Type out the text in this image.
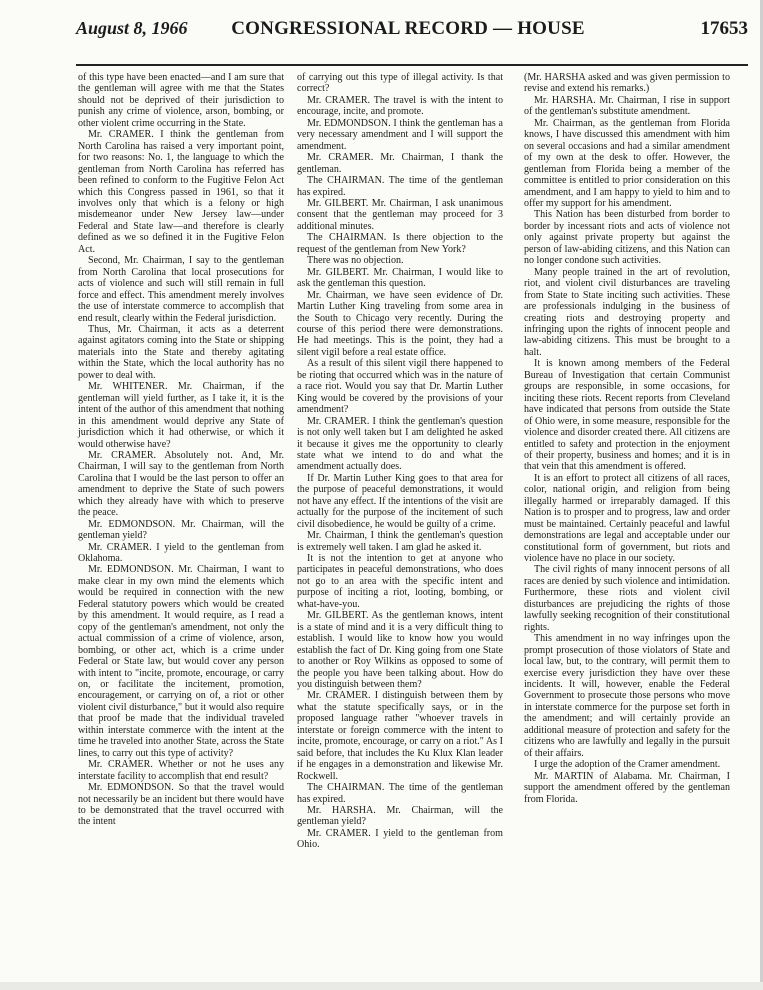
August 8, 1966	CONGRESSIONAL RECORD — HOUSE	17653

of this type have been enacted—and I am sure that the gentleman will agree with me that the States should not be deprived of their jurisdiction to punish any crime of violence, arson, bombing, or other violent crime occurring in the State.

Mr. CRAMER. I think the gentleman from North Carolina has raised a very important point, for two reasons: No. 1, the language to which the gentleman from North Carolina has referred has been refined to conform to the Fugitive Felon Act which this Congress passed in 1961, so that it involves only that which is a felony or high misdemeanor under New Jersey law—under Federal and State law—and therefore is clearly defined as we so defined it in the Fugitive Felon Act.

Second, Mr. Chairman, I say to the gentleman from North Carolina that local prosecutions for acts of violence and such will still remain in full force and effect. This amendment merely involves the use of interstate commerce to accomplish that end result, clearly within the Federal jurisdiction.

Thus, Mr. Chairman, it acts as a deterrent against agitators coming into the State or shipping materials into the State and thereby agitating within the State, which the local authority has no power to deal with.

Mr. WHITENER. Mr. Chairman, if the gentleman will yield further, as I take it, it is the intent of the author of this amendment that nothing in this amendment would deprive any State of jurisdiction which it had otherwise, or which it would otherwise have?

Mr. CRAMER. Absolutely not. And, Mr. Chairman, I will say to the gentleman from North Carolina that I would be the last person to offer an amendment to deprive the State of such powers which they already have with which to preserve the peace.

Mr. EDMONDSON. Mr. Chairman, will the gentleman yield?

Mr. CRAMER. I yield to the gentleman from Oklahoma.

Mr. EDMONDSON. Mr. Chairman, I want to make clear in my own mind the elements which would be required in connection with the new Federal statutory powers which would be created by this amendment. It would require, as I read a copy of the gentleman's amendment, not only the actual commission of a crime of violence, arson, bombing, or other act, which is a crime under Federal or State law, but would cover any person with intent to "incite, promote, encourage, or carry on, or facilitate the incitement, promotion, encouragement, or carrying on of, a riot or other violent civil disturbance," but it would also require that proof be made that the individual traveled within interstate commerce with the intent at the time he traveled into another State, across the State lines, to carry out this type of activity?

Mr. CRAMER. Whether or not he uses any interstate facility to accomplish that end result?

Mr. EDMONDSON. So that the travel would not necessarily be an incident but there would have to be demonstrated that the travel occurred with the intent

of carrying out this type of illegal activity. Is that correct?

Mr. CRAMER. The travel is with the intent to encourage, incite, and promote.

Mr. EDMONDSON. I think the gentleman has a very necessary amendment and I will support the amendment.

Mr. CRAMER. Mr. Chairman, I thank the gentleman.

The CHAIRMAN. The time of the gentleman has expired.

Mr. GILBERT. Mr. Chairman, I ask unanimous consent that the gentleman may proceed for 3 additional minutes.

The CHAIRMAN. Is there objection to the request of the gentleman from New York?

There was no objection.

Mr. GILBERT. Mr. Chairman, I would like to ask the gentleman this question.

Mr. Chairman, we have seen evidence of Dr. Martin Luther King traveling from some area in the South to Chicago very recently. During the course of this period there were demonstrations. He had meetings. This is the point, they had a silent vigil before a real estate office.

As a result of this silent vigil there happened to be rioting that occurred which was in the nature of a race riot. Would you say that Dr. Martin Luther King would be covered by the provisions of your amendment?

Mr. CRAMER. I think the gentleman's question is not only well taken but I am delighted he asked it because it gives me the opportunity to clearly state what we intend to do and what the amendment actually does.

If Dr. Martin Luther King goes to that area for the purpose of peaceful demonstrations, it would not have any effect. If the intentions of the visit are actually for the purpose of the incitement of such civil disobedience, he would be guilty of a crime.

Mr. Chairman, I think the gentleman's question is extremely well taken. I am glad he asked it.

It is not the intention to get at anyone who participates in peaceful demonstrations, who does not go to an area with the specific intent and purpose of inciting a riot, looting, bombing, or what-have-you.

Mr. GILBERT. As the gentleman knows, intent is a state of mind and it is a very difficult thing to establish. I would like to know how you would establish the fact of Dr. King going from one State to another or Roy Wilkins as opposed to some of the people you have been talking about. How do you distinguish between them?

Mr. CRAMER. I distinguish between them by what the statute specifically says, or in the proposed language rather "whoever travels in interstate or foreign commerce with the intent to incite, promote, encourage, or carry on a riot." As I said before, that includes the Ku Klux Klan leader if he engages in a demonstration and likewise Mr. Rockwell.

The CHAIRMAN. The time of the gentleman has expired.

Mr. HARSHA. Mr. Chairman, will the gentleman yield?

Mr. CRAMER. I yield to the gentleman from Ohio.

(Mr. HARSHA asked and was given permission to revise and extend his remarks.)

Mr. HARSHA. Mr. Chairman, I rise in support of the gentleman's substitute amendment.

Mr. Chairman, as the gentleman from Florida knows, I have discussed this amendment with him on several occasions and had a similar amendment of my own at the desk to offer. However, the gentleman from Florida being a member of the committee is entitled to prior consideration on this amendment, and I am happy to yield to him and to offer my support for his amendment.

This Nation has been disturbed from border to border by incessant riots and acts of violence not only against private property but against the person of law-abiding citizens, and this Nation can no longer condone such activities.

Many people trained in the art of revolution, riot, and violent civil disturbances are traveling from State to State inciting such activities. These are professionals indulging in the business of creating riots and destroying property and infringing upon the rights of innocent people and law-abiding citizens. This must be brought to a halt.

It is known among members of the Federal Bureau of Investigation that certain Communist groups are responsible, in some occasions, for inciting these riots. Recent reports from Cleveland have indicated that persons from outside the State of Ohio were, in some measure, responsible for the violence and disorder created there. All citizens are entitled to safety and protection in the enjoyment of their property, business and homes; and it is in that vein that this amendment is offered.

It is an effort to protect all citizens of all races, color, national origin, and religion from being illegally harmed or irreparably damaged. If this Nation is to prosper and to progress, law and order must be maintained. Certainly peaceful and lawful demonstrations are legal and acceptable under our constitutional form of government, but riots and violence have no place in our society.

The civil rights of many innocent persons of all races are denied by such violence and intimidation. Furthermore, these riots and violent civil disturbances are prejudicing the rights of those lawfully seeking recognition of their constitutional rights.

This amendment in no way infringes upon the prompt prosecution of those violators of State and local law, but, to the contrary, will permit them to exercise every jurisdiction they have over these incidents. It will, however, enable the Federal Government to prosecute those persons who move in interstate commerce for the purpose set forth in the amendment; and will certainly provide an additional measure of protection and safety for the citizens who are lawfully and legally in the pursuit of their affairs.

I urge the adoption of the Cramer amendment.

Mr. MARTIN of Alabama. Mr. Chairman, I support the amendment offered by the gentleman from Florida.
